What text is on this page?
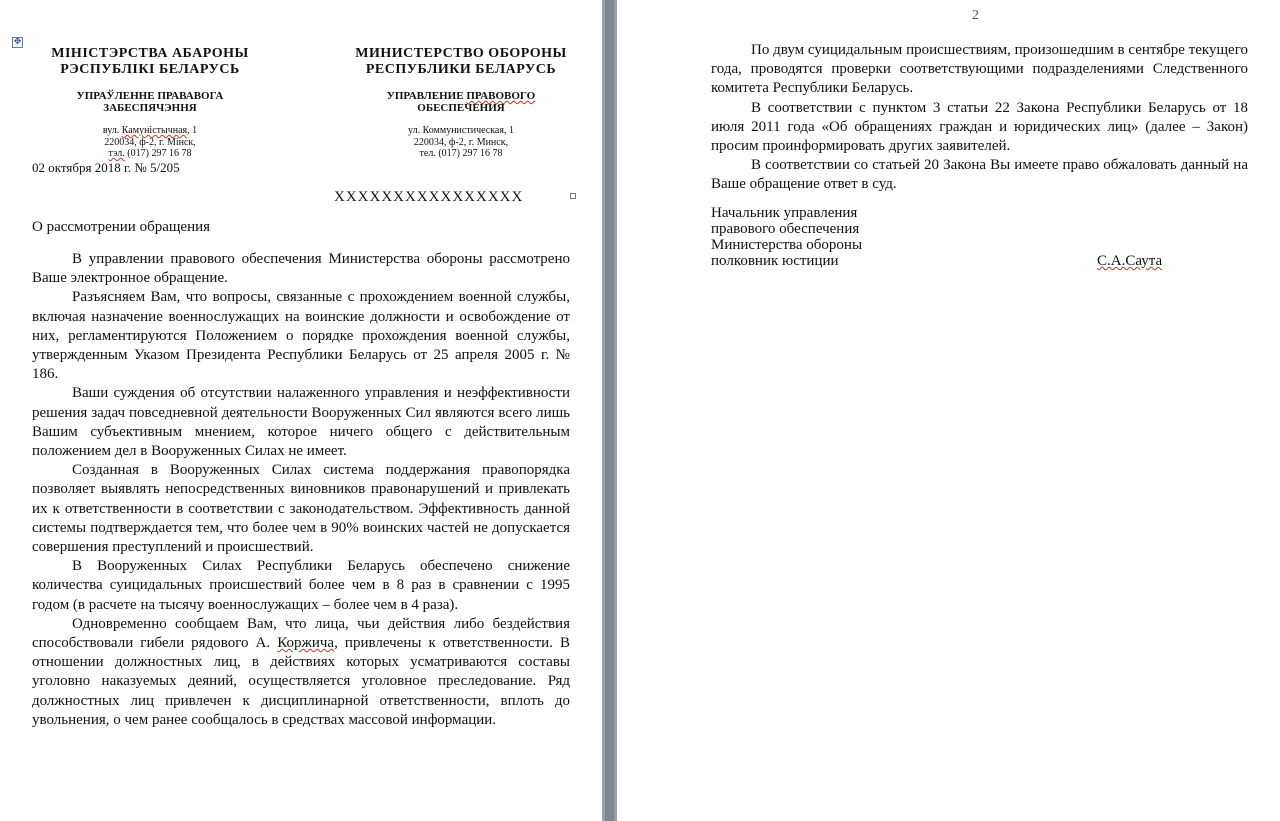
✥
МІНІСТЭРСТВА АБАРОНЫ
РЭСПУБЛІКІ БЕЛАРУСЬ
УПРАЎЛЕННЕ ПРАВАВОГА
ЗАБЕСПЯЧЭННЯ
вул. Камуністычная, 1
220034, ф-2, г. Мінск,
тэл. (017) 297 16 78
МИНИСТЕРСТВО ОБОРОНЫ
РЕСПУБЛИКИ БЕЛАРУСЬ
УПРАВЛЕНИЕ ПРАВОВОГО
ОБЕСПЕЧЕНИЯ
ул. Коммунистическая, 1
220034, ф-2, г. Минск,
тел. (017) 297 16 78
02 октября 2018 г. № 5/205
XXXXXXXXXXXXXXXX
О рассмотрении обращения

В управлении правового обеспечения Министерства обороны рассмотрено Ваше электронное обращение.

Разъясняем Вам, что вопросы, связанные с прохождением военной службы, включая назначение военнослужащих на воинские должности и освобождение от них, регламентируются Положением о порядке прохождения военной службы, утвержденным Указом Президента Республики Беларусь от 25 апреля 2005 г. № 186.

Ваши суждения об отсутствии налаженного управления и неэффективности решения задач повседневной деятельности Вооруженных Сил являются всего лишь Вашим субъективным мнением, которое ничего общего с действительным положением дел в Вооруженных Силах не имеет.

Созданная в Вооруженных Силах система поддержания правопорядка позволяет выявлять непосредственных виновников правонарушений и привлекать их к ответственности в соответствии с законодательством. Эффективность данной системы подтверждается тем, что более чем в 90% воинских частей не допускается совершения преступлений и происшествий.

В Вооруженных Силах Республики Беларусь обеспечено снижение количества суицидальных происшествий более чем в 8 раз в сравнении с 1995 годом (в расчете на тысячу военнослужащих – более чем в 4 раза).

Одновременно сообщаем Вам, что лица, чьи действия либо бездействия способствовали гибели рядового А. Коржича, привлечены к ответственности. В отношении должностных лиц, в действиях которых усматриваются составы уголовно наказуемых деяний, осуществляется уголовное преследование. Ряд должностных лиц привлечен к дисциплинарной ответственности, вплоть до увольнения, о чем ранее сообщалось в средствах массовой информации.

2

По двум суицидальным происшествиям, произошедшим в сентябре текущего года, проводятся проверки соответствующими подразделениями Следственного комитета Республики Беларусь.

В соответствии с пунктом 3 статьи 22 Закона Республики Беларусь от 18 июля 2011 года «Об обращениях граждан и юридических лиц» (далее – Закон) просим проинформировать других заявителей.

В соответствии со статьей 20 Закона Вы имеете право обжаловать данный на Ваше обращение ответ в суд.

Начальник управления
правового обеспечения
Министерства обороны
полковник юстиции	С.А.Саута
